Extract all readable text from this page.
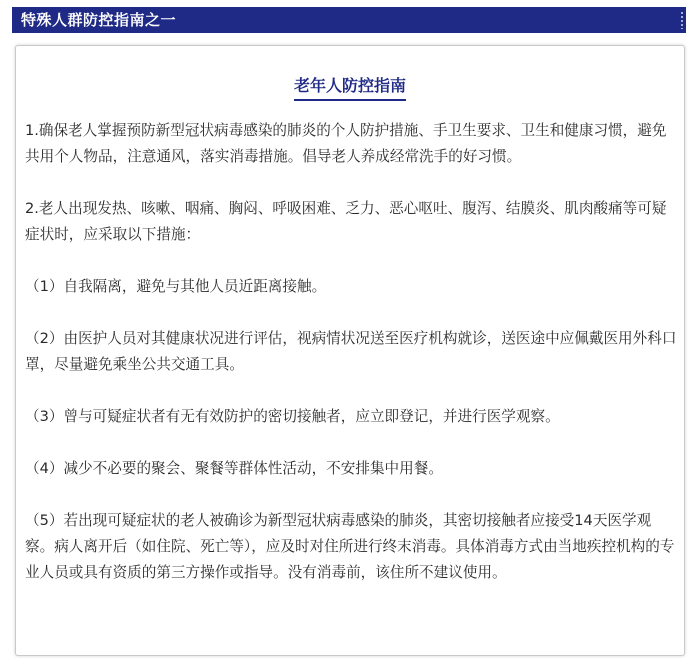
特殊人群防控指南之一
老年人防控指南

1.确保老人掌握预防新型冠状病毒感染的肺炎的个人防护措施、手卫生要求、卫生和健康习惯，避免共用个人物品，注意通风，落实消毒措施。倡导老人养成经常洗手的好习惯。

2.老人出现发热、咳嗽、咽痛、胸闷、呼吸困难、乏力、恶心呕吐、腹泻、结膜炎、肌肉酸痛等可疑症状时，应采取以下措施：

（1）自我隔离，避免与其他人员近距离接触。

（2）由医护人员对其健康状况进行评估，视病情状况送至医疗机构就诊，送医途中应佩戴医用外科口罩，尽量避免乘坐公共交通工具。

（3）曾与可疑症状者有无有效防护的密切接触者，应立即登记，并进行医学观察。

（4）减少不必要的聚会、聚餐等群体性活动，不安排集中用餐。

（5）若出现可疑症状的老人被确诊为新型冠状病毒感染的肺炎，其密切接触者应接受14天医学观察。病人离开后（如住院、死亡等），应及时对住所进行终末消毒。具体消毒方式由当地疾控机构的专业人员或具有资质的第三方操作或指导。没有消毒前，该住所不建议使用。
